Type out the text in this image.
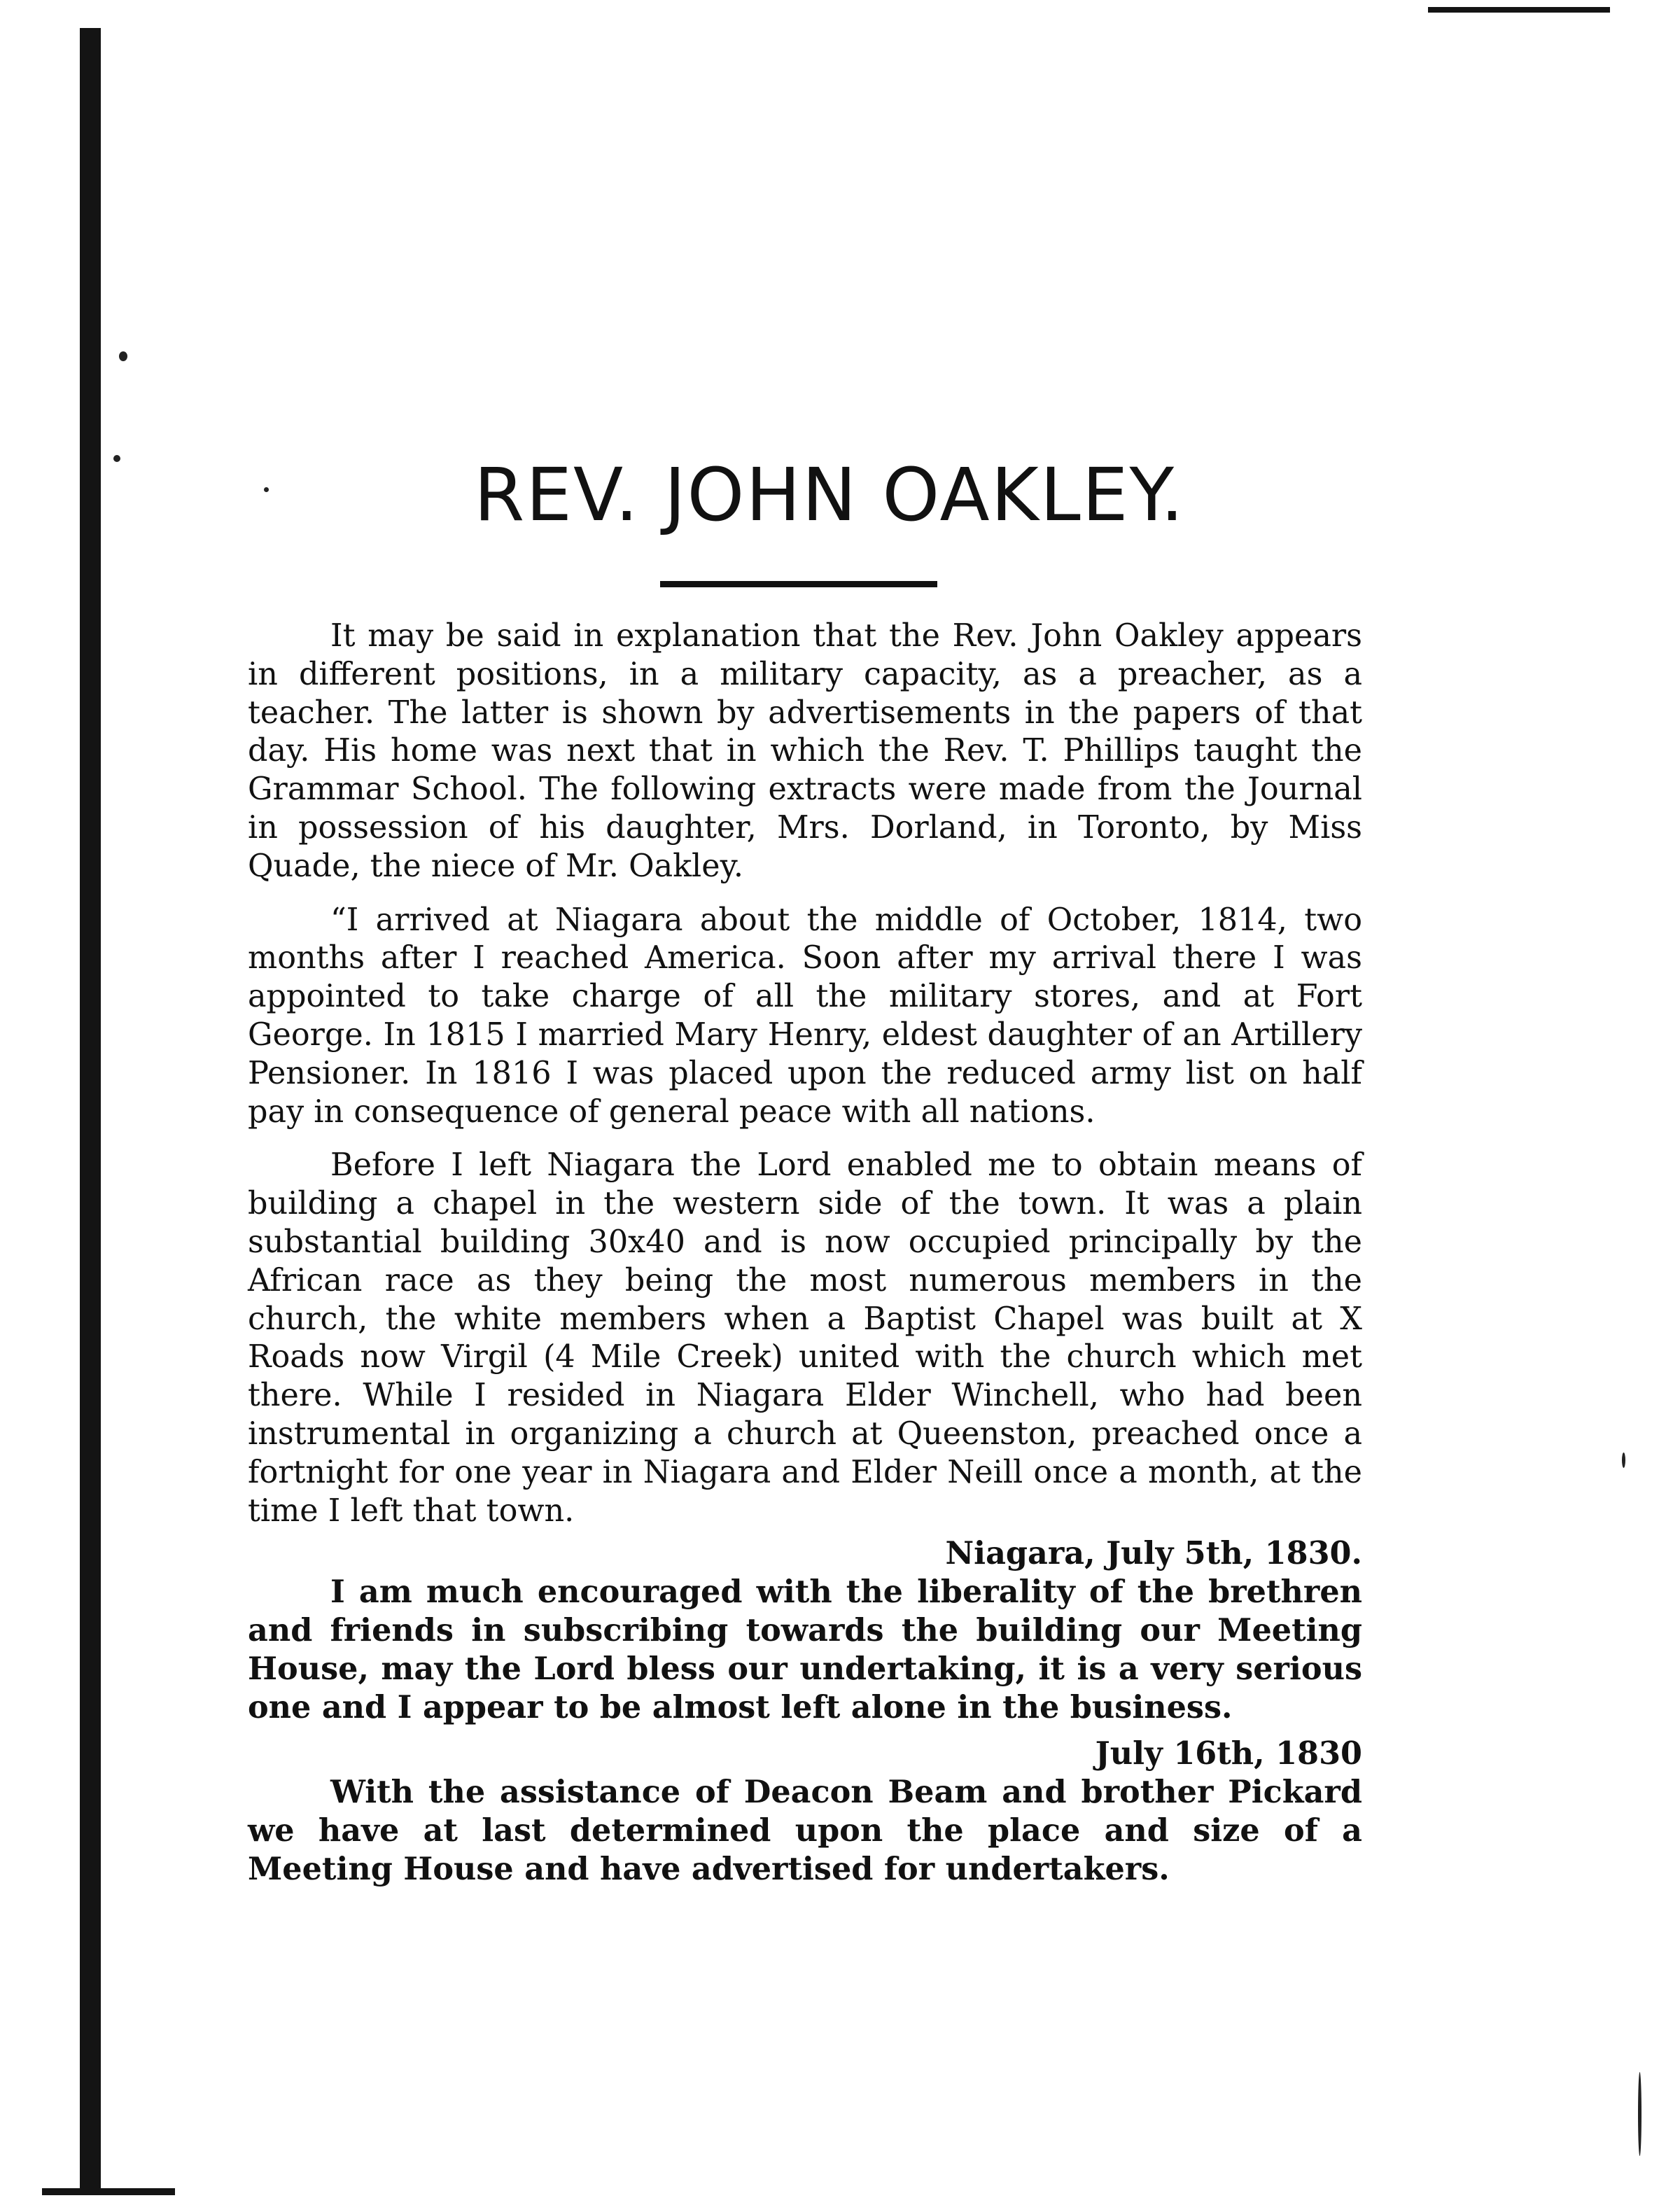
REV. JOHN OAKLEY.

It may be said in explanation that the Rev. John Oakley appears in different positions, in a military capacity, as a preacher, as a teacher. The latter is shown by advertisements in the papers of that day. His home was next that in which the Rev. T. Phillips taught the Grammar School. The following extracts were made from the Journal in possession of his daughter, Mrs. Dorland, in Toronto, by Miss Quade, the niece of Mr. Oakley.

“I arrived at Niagara about the middle of October, 1814, two months after I reached America. Soon after my arrival there I was appointed to take charge of all the military stores, and at Fort George. In 1815 I married Mary Henry, eldest daughter of an Artillery Pensioner. In 1816 I was placed upon the reduced army list on half pay in consequence of general peace with all nations.

Before I left Niagara the Lord enabled me to obtain means of building a chapel in the western side of the town. It was a plain substantial building 30x40 and is now occupied principally by the African race as they being the most numerous members in the church, the white members when a Baptist Chapel was built at X Roads now Virgil (4 Mile Creek) united with the church which met there. While I resided in Niagara Elder Winchell, who had been instrumental in organizing a church at Queenston, preached once a fortnight for one year in Niagara and Elder Neill once a month, at the time I left that town.

Niagara, July 5th, 1830.

I am much encouraged with the liberality of the brethren and friends in subscribing towards the building our Meeting House, may the Lord bless our undertaking, it is a very serious one and I appear to be almost left alone in the business.

July 16th, 1830

With the assistance of Deacon Beam and brother Pickard we have at last determined upon the place and size of a Meeting House and have advertised for undertakers.
